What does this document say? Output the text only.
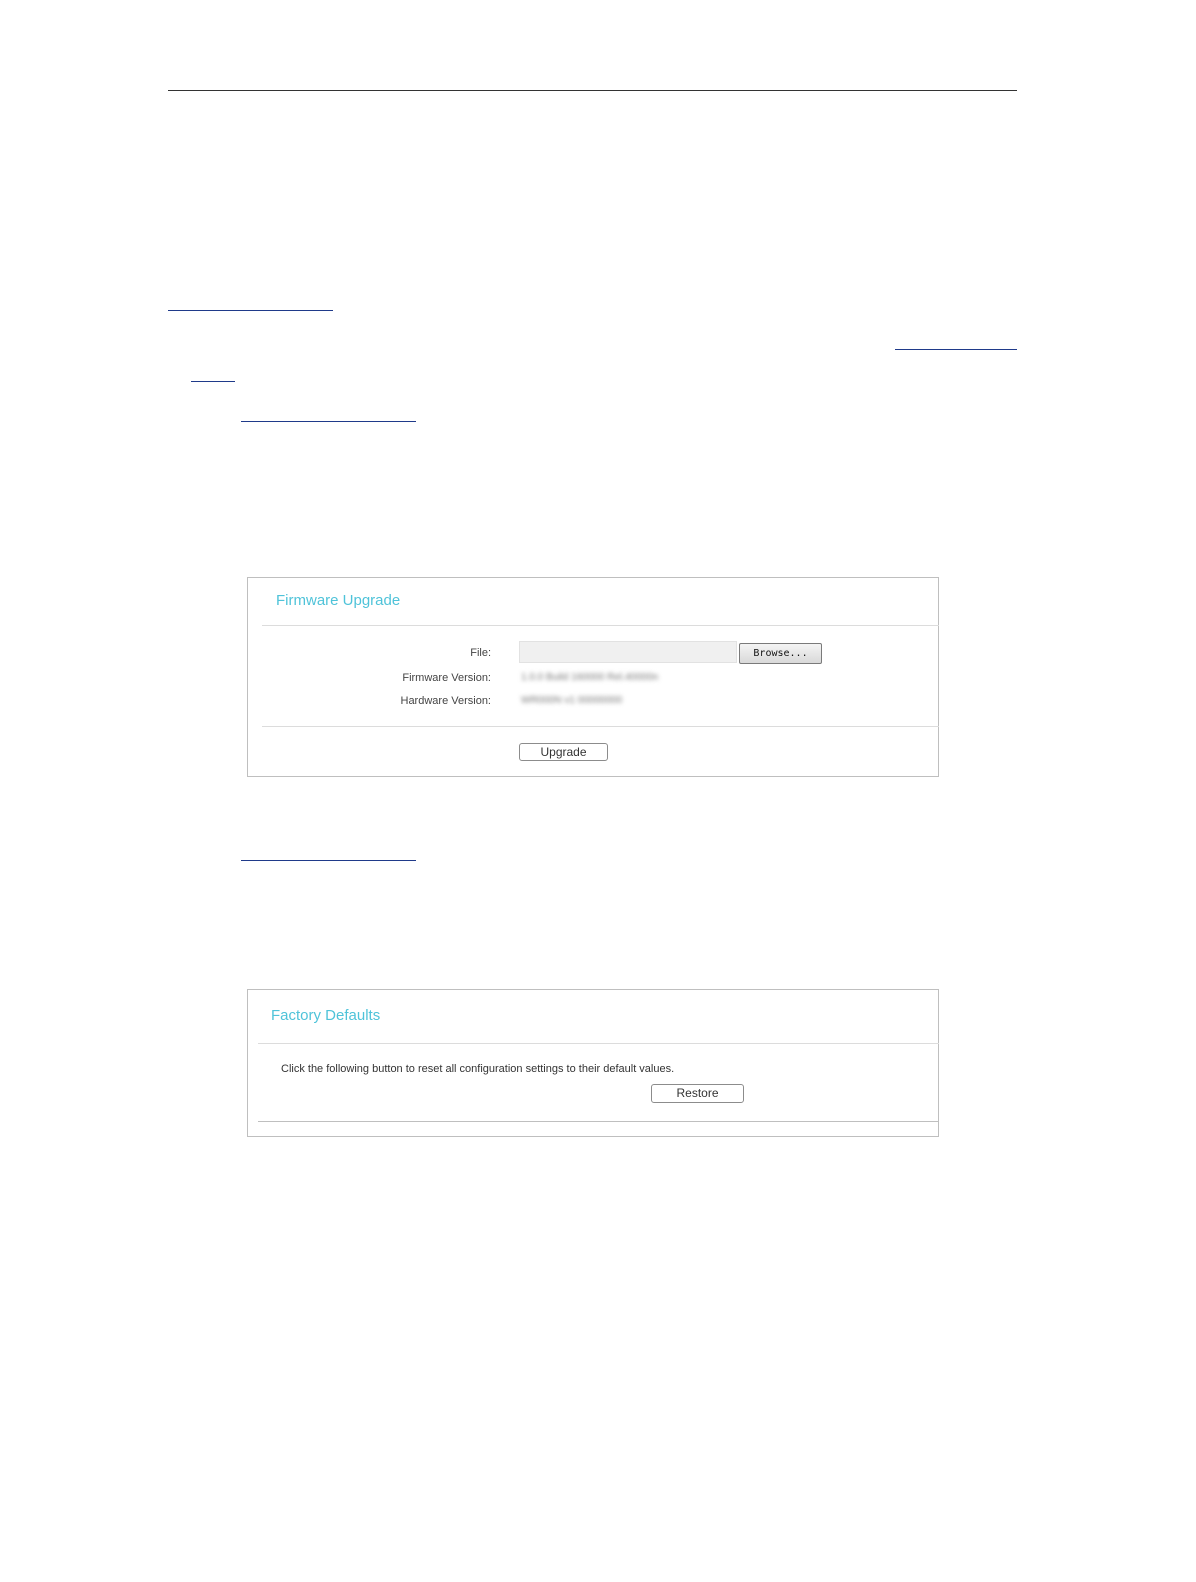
Firmware Upgrade
File:	Browse...
Firmware Version:	1.0.0 Build 160000 Rel.40000n
Hardware Version:	WR000N v1 00000000
Upgrade
Factory Defaults
Click the following button to reset all configuration settings to their default values.
Restore
